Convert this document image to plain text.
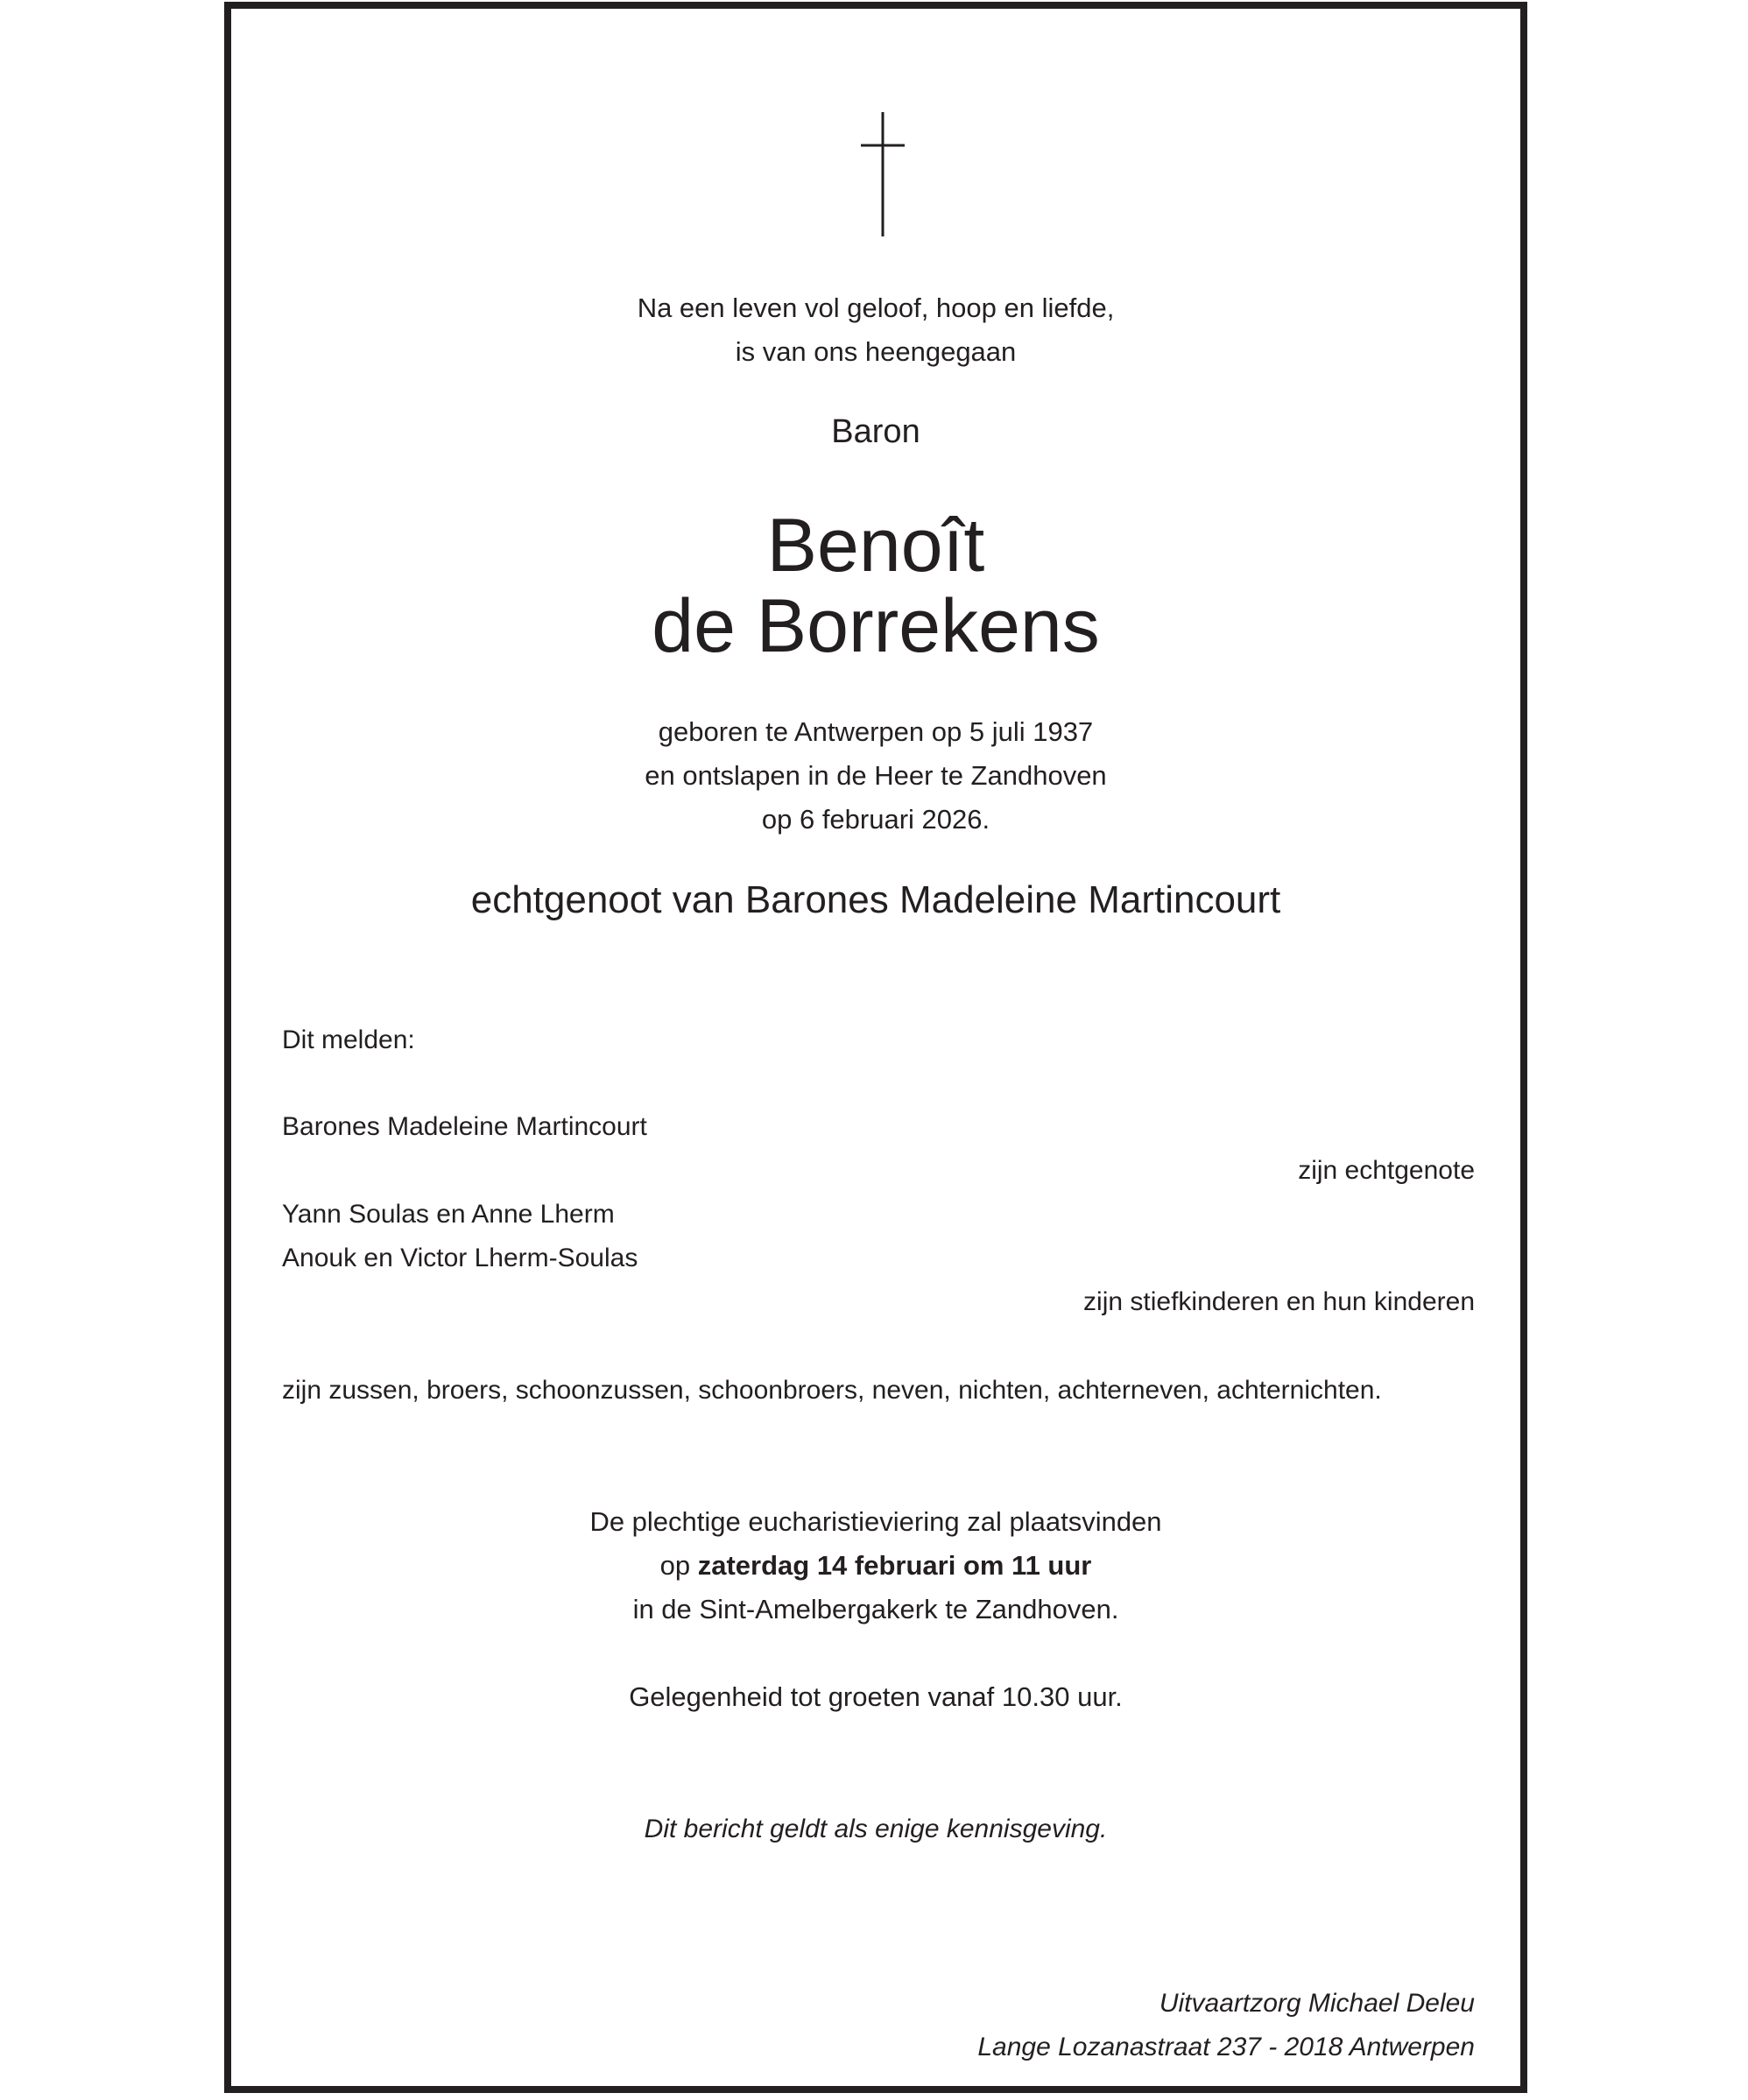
Na een leven vol geloof, hoop en liefde,

is van ons heengegaan

Baron

Benoît

de Borrekens

geboren te Antwerpen op 5 juli 1937

en ontslapen in de Heer te Zandhoven

op 6 februari 2026.

echtgenoot van Barones Madeleine Martincourt

Dit melden:

Barones Madeleine Martincourt

zijn echtgenote

Yann Soulas en Anne Lherm

Anouk en Victor Lherm-Soulas

zijn stiefkinderen en hun kinderen

zijn zussen, broers, schoonzussen, schoonbroers, neven, nichten, achterneven, achternichten.

De plechtige eucharistieviering zal plaatsvinden

op zaterdag 14 februari om 11 uur

in de Sint-Amelbergakerk te Zandhoven.

Gelegenheid tot groeten vanaf 10.30 uur.

Dit bericht geldt als enige kennisgeving.

Uitvaartzorg Michael Deleu

Lange Lozanastraat 237 - 2018 Antwerpen
